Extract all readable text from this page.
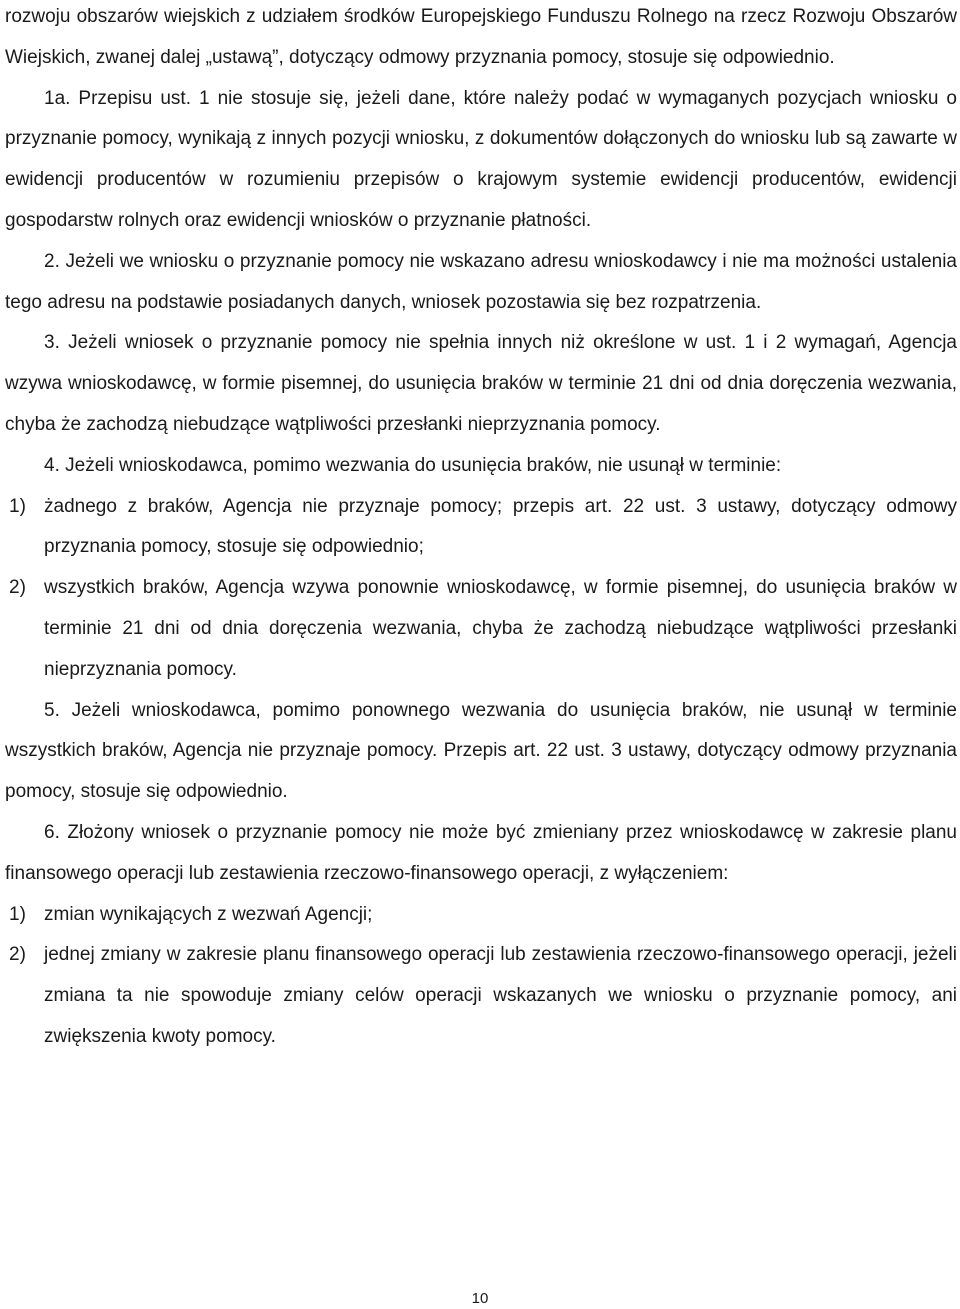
rozwoju obszarów wiejskich z udziałem środków Europejskiego Funduszu Rolnego na rzecz Rozwoju Obszarów Wiejskich, zwanej dalej „ustawą”, dotyczący odmowy przyznania pomocy, stosuje się odpowiednio.

1a. Przepisu ust. 1 nie stosuje się, jeżeli dane, które należy podać w wymaganych pozycjach wniosku o przyznanie pomocy, wynikają z innych pozycji wniosku, z dokumentów dołączonych do wniosku lub są zawarte w ewidencji producentów w rozumieniu przepisów o krajowym systemie ewidencji producentów, ewidencji gospodarstw rolnych oraz ewidencji wniosków o przyznanie płatności.

2. Jeżeli we wniosku o przyznanie pomocy nie wskazano adresu wnioskodawcy i nie ma możności ustalenia tego adresu na podstawie posiadanych danych, wniosek pozostawia się bez rozpatrzenia.

3. Jeżeli wniosek o przyznanie pomocy nie spełnia innych niż określone w ust. 1 i 2 wymagań, Agencja wzywa wnioskodawcę, w formie pisemnej, do usunięcia braków w terminie 21 dni od dnia doręczenia wezwania, chyba że zachodzą niebudzące wątpliwości przesłanki nieprzyznania pomocy.

4. Jeżeli wnioskodawca, pomimo wezwania do usunięcia braków, nie usunął w terminie:

1) żadnego z braków, Agencja nie przyznaje pomocy; przepis art. 22 ust. 3 ustawy, dotyczący odmowy przyznania pomocy, stosuje się odpowiednio;
2) wszystkich braków, Agencja wzywa ponownie wnioskodawcę, w formie pisemnej, do usunięcia braków w terminie 21 dni od dnia doręczenia wezwania, chyba że zachodzą niebudzące wątpliwości przesłanki nieprzyznania pomocy.

5. Jeżeli wnioskodawca, pomimo ponownego wezwania do usunięcia braków, nie usunął w terminie wszystkich braków, Agencja nie przyznaje pomocy. Przepis art. 22 ust. 3 ustawy, dotyczący odmowy przyznania pomocy, stosuje się odpowiednio.

6. Złożony wniosek o przyznanie pomocy nie może być zmieniany przez wnioskodawcę w zakresie planu finansowego operacji lub zestawienia rzeczowo-finansowego operacji, z wyłączeniem:

1) zmian wynikających z wezwań Agencji;
2) jednej zmiany w zakresie planu finansowego operacji lub zestawienia rzeczowo-finansowego operacji, jeżeli zmiana ta nie spowoduje zmiany celów operacji wskazanych we wniosku o przyznanie pomocy, ani zwiększenia kwoty pomocy.
10
